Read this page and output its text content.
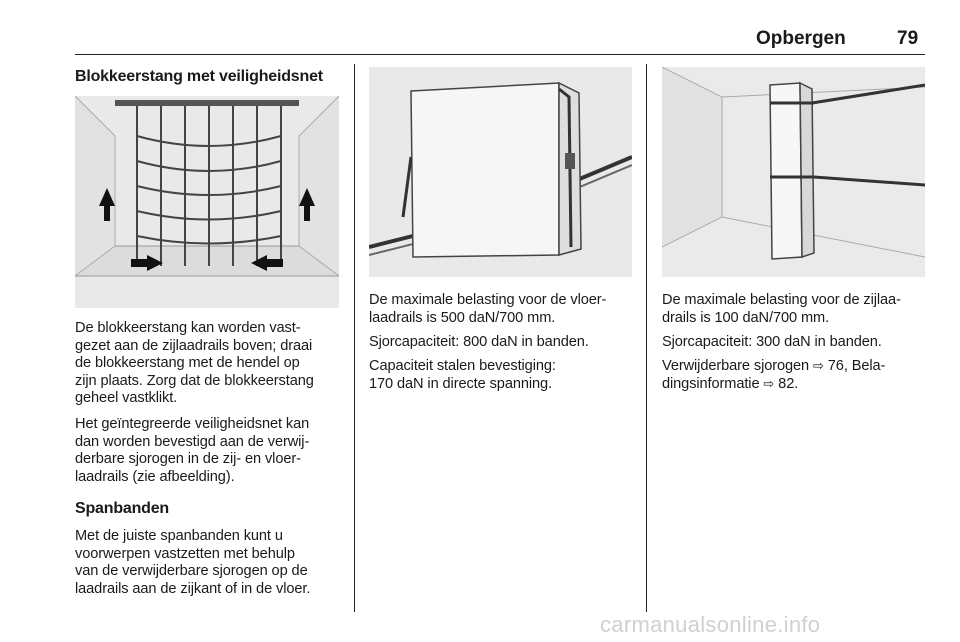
Opbergen	79
Blokkeerstang met veiligheidsnet

De blokkeerstang kan worden vast-
gezet aan de zijlaadrails boven; draai
de blokkeerstang met de hendel op
zijn plaats. Zorg dat de blokkeerstang
geheel vastklikt.

Het geïntegreerde veiligheidsnet kan
dan worden bevestigd aan de verwij-
derbare sjorogen in de zij- en vloer-
laadrails (zie afbeelding).

Spanbanden

Met de juiste spanbanden kunt u
voorwerpen vastzetten met behulp
van de verwijderbare sjorogen op de
laadrails aan de zijkant of in de vloer.

De maximale belasting voor de vloer-
laadrails is 500 daN/700 mm.

Sjorcapaciteit: 800 daN in banden.

Capaciteit stalen bevestiging:
170 daN in directe spanning.

De maximale belasting voor de zijlaa-
drails is 100 daN/700 mm.

Sjorcapaciteit: 300 daN in banden.

Verwijderbare sjorogen ⇨ 76, Bela-
dingsinformatie ⇨ 82.

carmanualsonline.info
